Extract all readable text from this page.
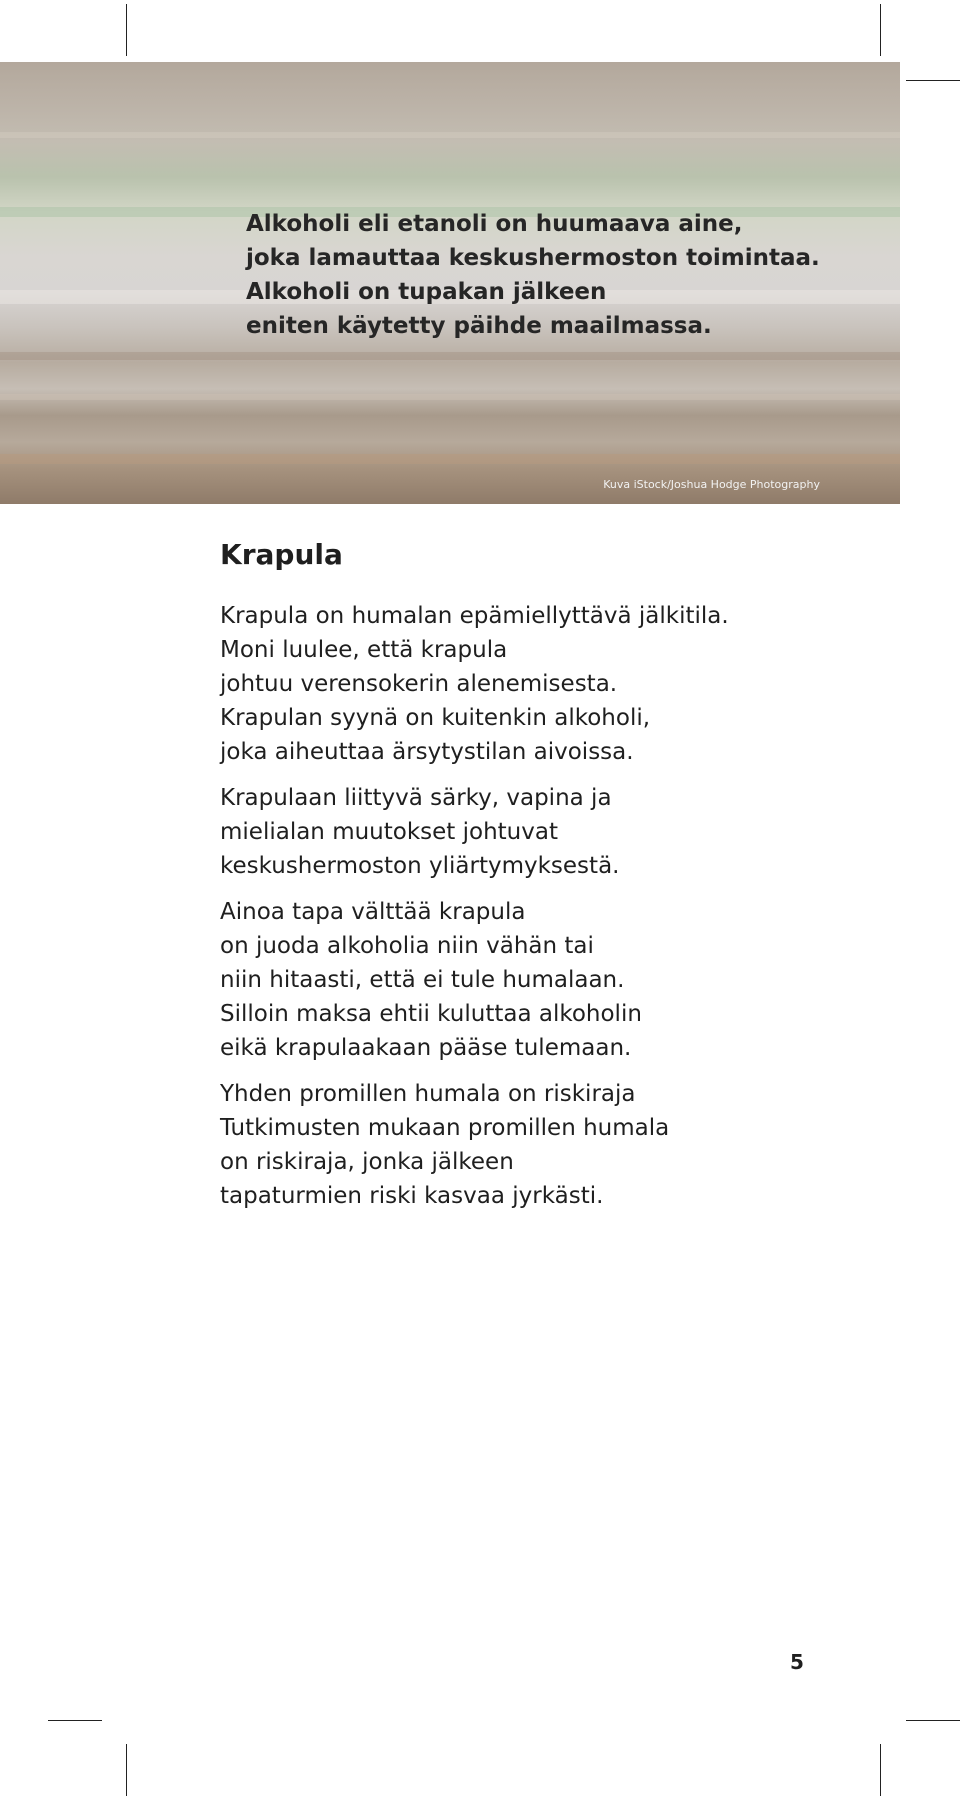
Alkoholi eli etanoli on huumaava aine,
joka lamauttaa keskushermoston toimintaa.
Alkoholi on tupakan jälkeen
eniten käytetty päihde maailmassa.

Kuva iStock/Joshua Hodge Photography
Krapula

Krapula on humalan epämiellyttävä jälkitila.
Moni luulee, että krapula
johtuu verensokerin alenemisesta.
Krapulan syynä on kuitenkin alkoholi,
joka aiheuttaa ärsytystilan aivoissa.

Krapulaan liittyvä särky, vapina ja
mielialan muutokset johtuvat
keskushermoston yliärtymyksestä.

Ainoa tapa välttää krapula
on juoda alkoholia niin vähän tai
niin hitaasti, että ei tule humalaan.
Silloin maksa ehtii kuluttaa alkoholin
eikä krapulaakaan pääse tulemaan.

Yhden promillen humala on riskiraja
Tutkimusten mukaan promillen humala
on riskiraja, jonka jälkeen
tapaturmien riski kasvaa jyrkästi.

5
